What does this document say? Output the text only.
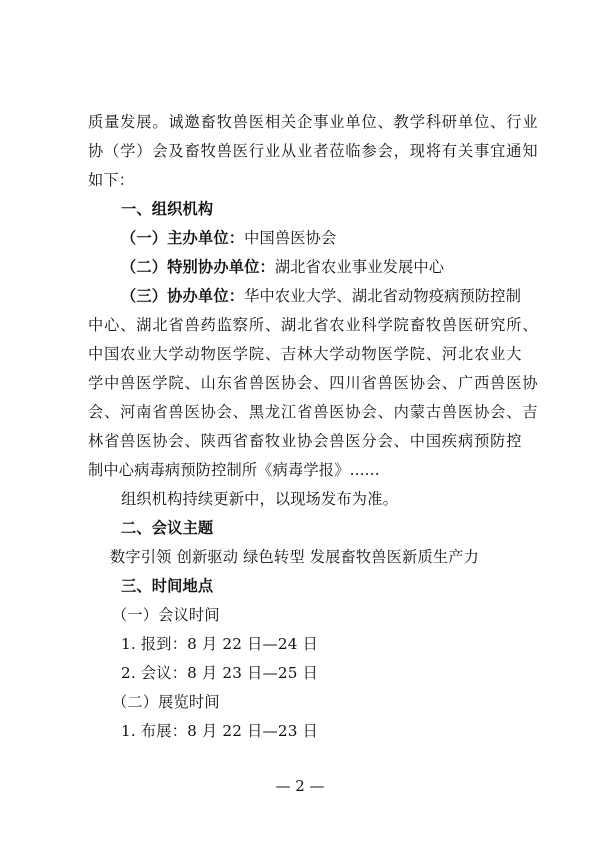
质量发展。诚邀畜牧兽医相关企事业单位、教学科研单位、行业
协（学）会及畜牧兽医行业从业者莅临参会，现将有关事宜通知
如下：
一、组织机构
（一）主办单位：中国兽医协会
（二）特别协办单位：湖北省农业事业发展中心
（三）协办单位：华中农业大学、湖北省动物疫病预防控制
中心、湖北省兽药监察所、湖北省农业科学院畜牧兽医研究所、
中国农业大学动物医学院、吉林大学动物医学院、河北农业大
学中兽医学院、山东省兽医协会、四川省兽医协会、广西兽医协
会、河南省兽医协会、黑龙江省兽医协会、内蒙古兽医协会、吉
林省兽医协会、陕西省畜牧业协会兽医分会、中国疾病预防控
制中心病毒病预防控制所《病毒学报》......
组织机构持续更新中，以现场发布为准。
二、会议主题
数字引领 创新驱动 绿色转型 发展畜牧兽医新质生产力
三、时间地点
（一）会议时间
1. 报到：8 月 22 日—24 日
2. 会议：8 月 23 日—25 日
（二）展览时间
1. 布展：8 月 22 日—23 日
— 2 —
